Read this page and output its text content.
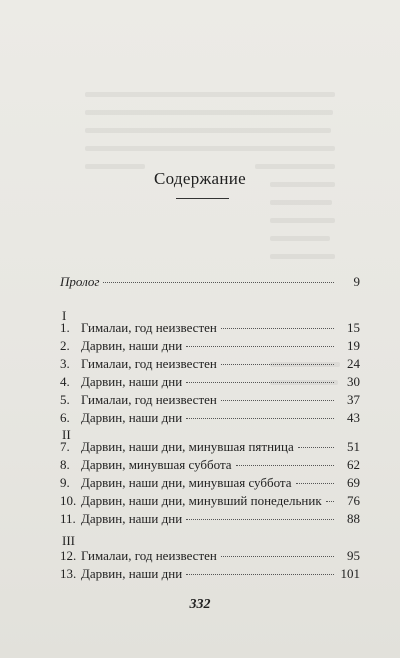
Содержание
Пролог	9
I
1. Гималаи, год неизвестен	15
2. Дарвин, наши дни	19
3. Гималаи, год неизвестен	24
4. Дарвин, наши дни	30
5. Гималаи, год неизвестен	37
6. Дарвин, наши дни	43
II
7. Дарвин, наши дни, минувшая пятница	51
8. Дарвин, минувшая суббота	62
9. Дарвин, наши дни, минувшая суббота	69
10. Дарвин, наши дни, минувший понедельник	76
11. Дарвин, наши дни	88
III
12. Гималаи, год неизвестен	95
13. Дарвин, наши дни	101
332
